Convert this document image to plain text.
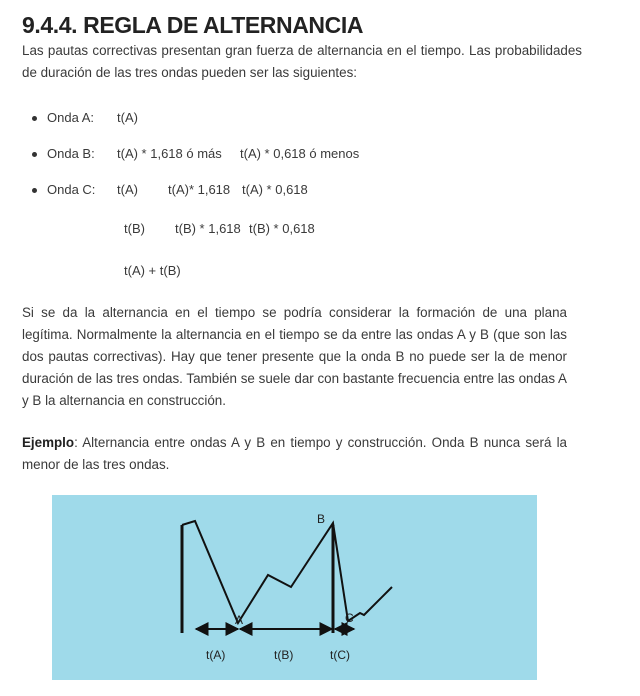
9.4.4. REGLA DE ALTERNANCIA

Las pautas correctivas presentan gran fuerza de alternancia en el tiempo. Las probabilidades de duración de las tres ondas pueden ser las siguientes:

Onda A: t(A)
Onda B: t(A) * 1,618 ó más t(A) * 0,618 ó menos
Onda C: t(A) t(A)* 1,618 t(A) * 0,618
t(B) t(B) * 1,618 t(B) * 0,618
t(A) + t(B)

Si se da la alternancia en el tiempo se podría considerar la formación de una plana legítima. Normalmente la alternancia en el tiempo se da entre las ondas A y B (que son las dos pautas correctivas). Hay que tener presente que la onda B no puede ser la de menor duración de las tres ondas. También se suele dar con bastante frecuencia entre las ondas A y B la alternancia en construcción.

Ejemplo: Alternancia entre ondas A y B en tiempo y construcción. Onda B nunca será la menor de las tres ondas.

A
B
C
t(A)	t(B)	t(C)
